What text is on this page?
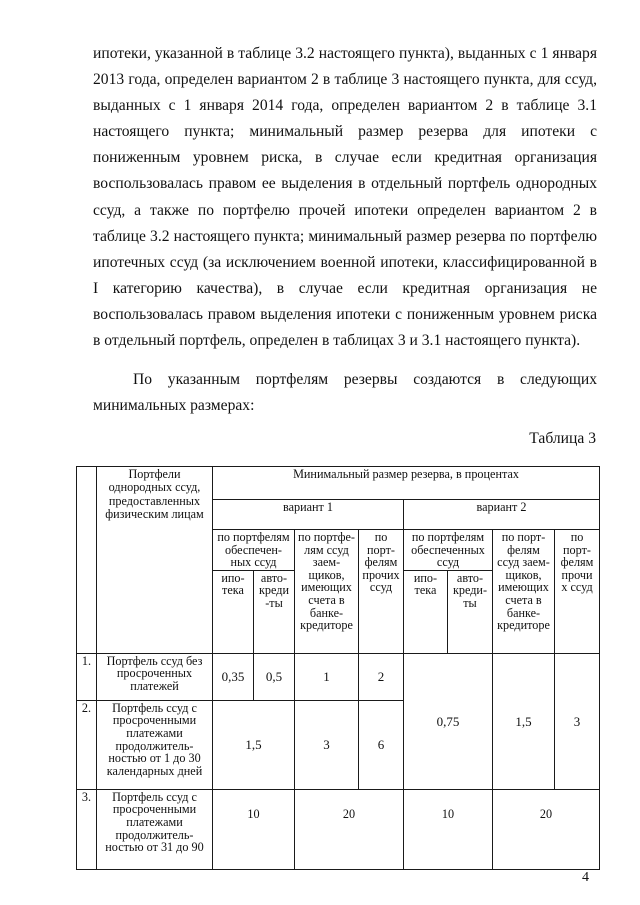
ипотеки, указанной в таблице 3.2 настоящего пункта), выданных с 1 января 2013 года, определен вариантом 2 в таблице 3 настоящего пункта, для ссуд, выданных с 1 января 2014 года, определен вариантом 2 в таблице 3.1 настоящего пункта; минимальный размер резерва для ипотеки с пониженным уровнем риска, в случае если кредитная организация воспользовалась правом ее выделения в отдельный портфель однородных ссуд, а также по портфелю прочей ипотеки определен вариантом 2 в таблице 3.2 настоящего пункта; минимальный размер резерва по портфелю ипотечных ссуд (за исключением военной ипотеки, классифицированной в I категорию качества), в случае если кредитная организация не воспользовалась правом выделения ипотеки с пониженным уровнем риска в отдельный портфель, определен в таблицах 3 и 3.1 настоящего пункта).

По указанным портфелям резервы создаются в следующих минимальных размерах:

Таблица 3
	Портфели однородных ссуд, предоставленных физическим лицам	Минимальный размер резерва, в процентах							
		вариант 1				вариант 2			
		по портфелям обеспечен-ных ссуд		по портфе-лям ссуд заем-щиков, имеющих счета в банке-кредиторе	по порт-фелям прочих ссуд	по портфелям обеспеченных ссуд		по порт-фелям ссуд заем-щиков, имеющих счета в банке-кредиторе	по порт-фелям прочи х ссуд
		ипо-тека	авто-креди -ты			ипо-тека	авто-креди-ты		
1.	Портфель ссуд без просроченных платежей	0,35	0,5	1	2	0,75		1,5	3
2.	Портфель ссуд с просроченными платежами продолжитель-ностью от 1 до 30 календарных дней	1,5		3	6				
3.	Портфель ссуд с просроченными платежами продолжитель-ностью от 31 до 90	10		20		10		20	
4
